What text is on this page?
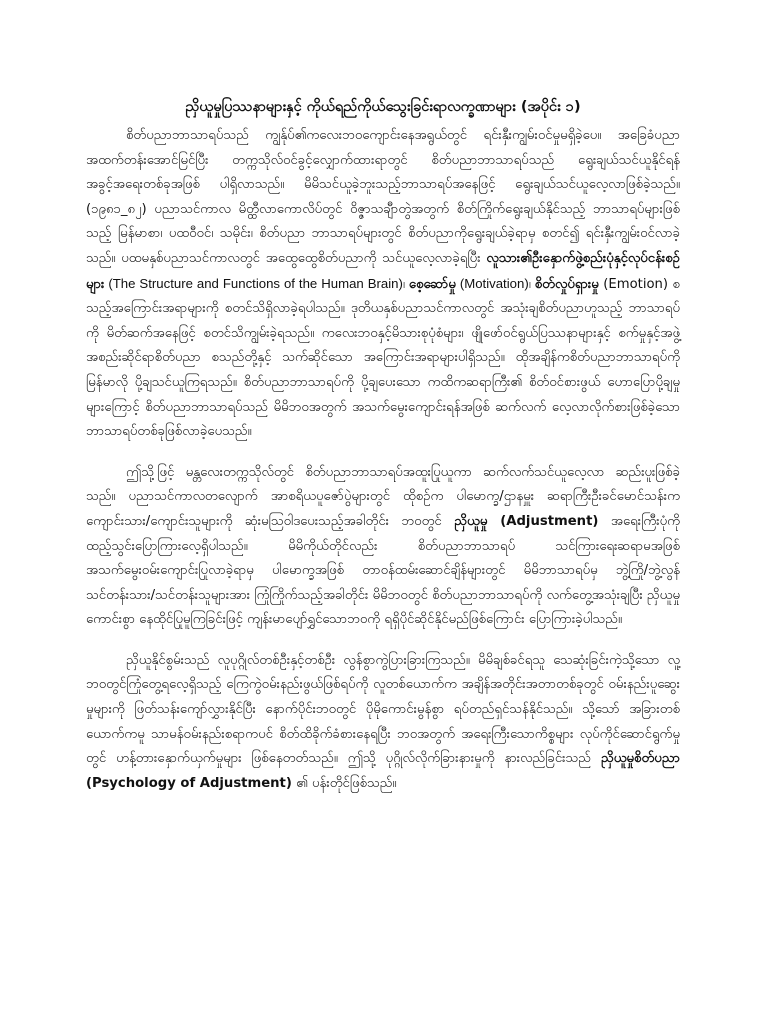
ညှိယူမှုပြဿနာများနှင့် ကိုယ်ရည်ကိုယ်သွေးခြင်းရာလက္ခဏာများ (အပိုင်း ၁)
စိတ်ပညာဘာသာရပ်သည် ကျွန်ုပ်၏ကလေးဘဝကျောင်းနေအရွယ်တွင် ရင်းနှီးကျွမ်းဝင်မှုမရှိခဲ့ပေ။ အခြေခံပညာအထက်တန်းအောင်မြင်ပြီး တက္ကသိုလ်ဝင်ခွင့်လျှောက်ထားရာတွင် စိတ်ပညာဘာသာရပ်သည် ရွေးချယ်သင်ယူနိုင်ရန် အခွင့်အရေးတစ်ခုအဖြစ် ပါရှိလာသည်။ မိမိသင်ယူခဲ့ဘူးသည့်ဘာသာရပ်အနေဖြင့် ရွေးချယ်သင်ယူလေ့လာဖြစ်ခဲ့သည်။ (၁၉၈၁_၈၂) ပညာသင်ကာလ မိတ္ထီလာကောလိပ်တွင် ဝိဇ္ဇာသချီာတွဲအတွက် စိတ်ကြိုက်ရွေးချယ်နိုင်သည့် ဘာသာရပ်များဖြစ်သည့် မြန်မာစာ၊ ပထဝီဝင်၊ သမိုင်း၊ စိတ်ပညာ ဘာသာရပ်များတွင် စိတ်ပညာကိုရွေးချယ်ခဲ့ရာမှ စတင်၍ ရင်းနှီးကျွမ်းဝင်လာခဲ့သည်။ ပထမနှစ်ပညာသင်ကာလတွင် အထွေထွေစိတ်ပညာကို သင်ယူလေ့လာခဲ့ရပြီး လူသား၏ဦးနှောက်ဖွဲ့စည်းပုံနှင့်လုပ်ငန်းစဉ်များ (The Structure and Functions of the Human Brain)၊ စေ့ဆော်မှု (Motivation)၊ စိတ်လှုပ်ရှားမှု (Emotion) စသည့်အကြောင်းအရာများကို စတင်သိရှိလာခဲ့ရပါသည်။ ဒုတိယနှစ်ပညာသင်ကာလတွင် အသုံးချစိတ်ပညာဟူသည့် ဘာသာရပ်ကို မိတ်ဆက်အနေဖြင့် စတင်သိကျွမ်းခဲ့ရသည်။ ကလေးဘဝနှင့်မိသားစုပုံစံများ၊ ဖျိုဖော်ဝင်ရွယ်ပြဿနာများနှင့် စက်မှုနှင့်အဖွဲ့အစည်းဆိုင်ရာစိတ်ပညာ စသည်တို့နှင့် သက်ဆိုင်သော အကြောင်းအရာများပါရှိသည်။ ထိုအချိန်ကစိတ်ပညာဘာသာရပ်ကို မြန်မာလို ပို့ချသင်ယူကြရသည်။ စိတ်ပညာဘာသာရပ်ကို ပို့ချပေးသော ကထိကဆရာကြီး၏ စိတ်ဝင်စားဖွယ် ဟောပြောပို့ချမှုများကြောင့် စိတ်ပညာဘာသာရပ်သည် မိမိဘဝအတွက် အသက်မွေးကျောင်းရန်အဖြစ် ဆက်လက် လေ့လာလိုက်စားဖြစ်ခဲ့သော ဘာသာရပ်တစ်ခုဖြစ်လာခဲ့ပေသည်။
ဤသို့ဖြင့် မန္တလေးတက္ကသိုလ်တွင် စိတ်ပညာဘာသာရပ်အထူးပြုယူကာ ဆက်လက်သင်ယူလေ့လာ ဆည်းပူးဖြစ်ခဲ့သည်။ ပညာသင်ကာလတလျောက် အာစရိယပူဇော်ပွဲများတွင် ထိုစဉ်က ပါမောက္ခ/ဌာနမှူး ဆရာကြီးဦးခင်မောင်သန်းက ကျောင်းသား/ကျောင်းသူများကို ဆုံးမဩဝါဒပေးသည့်အခါတိုင်း ဘဝတွင် ညှိယူမှု (Adjustment) အရေးကြီးပုံကို ထည့်သွင်းပြောကြားလေ့ရှိပါသည်။ မိမိကိုယ်တိုင်လည်း စိတ်ပညာဘာသာရပ် သင်ကြားရေးဆရာမအဖြစ် အသက်မွေးဝမ်းကျောင်းပြုလာခဲ့ရာမှ ပါမောက္ခအဖြစ် တာဝန်ထမ်းဆောင်ချိန်များတွင် မိမိဘာသာရပ်မှ ဘွဲ့ကြို/ဘွဲ့လွန် သင်တန်းသား/သင်တန်းသူများအား ကြုံကြိုက်သည့်အခါတိုင်း မိမိဘဝတွင် စိတ်ပညာဘာသာရပ်ကို လက်တွေ့အသုံးချပြီး ညှိယူမှုကောင်းစွာ နေထိုင်ပြုမူကြခြင်းဖြင့် ကျန်းမာပျော်ရွှင်သောဘဝကို ရရှိပိုင်ဆိုင်နိုင်မည်ဖြစ်ကြောင်း ပြောကြားခဲ့ပါသည်။
ညှိယူနိုင်စွမ်းသည် လူပုဂ္ဂိုလ်တစ်ဦးနှင့်တစ်ဦး လွန်စွာကွဲပြားခြားကြသည်။ မိမိချစ်ခင်ရသူ သေဆုံးခြင်းကဲ့သို့သော လူ့ဘဝတွင်ကြုံတွေ့ရလေ့ရှိသည့် ကြေကွဲဝမ်းနည်းဖွယ်ဖြစ်ရပ်ကို လူတစ်ယောက်က အချိန်အတိုင်းအတာတစ်ခုတွင် ဝမ်းနည်းပူဆွေးမှုများကို ဖြတ်သန်းကျော်လွှားနိုင်ပြီး နောက်ပိုင်းဘဝတွင် ပိုမိုကောင်းမွန်စွာ ရပ်တည်ရှင်သန်နိုင်သည်။ သို့သော် အခြားတစ်ယောက်ကမူ သာမန်ဝမ်းနည်းစရာကပင် စိတ်ထိခိုက်ခံစားနေရပြီး ဘဝအတွက် အရေးကြီးသောကိစ္စများ လုပ်ကိုင်ဆောင်ရွက်မှုတွင် ဟန့်တားနှောက်ယှက်မှုများ ဖြစ်နေတတ်သည်။ ဤသို့ ပုဂ္ဂိုလ်လိုက်ခြားနားမှုကို နားလည်ခြင်းသည် ညှိယူမှုစိတ်ပညာ (Psychology of Adjustment) ၏ ပန်းတိုင်ဖြစ်သည်။
